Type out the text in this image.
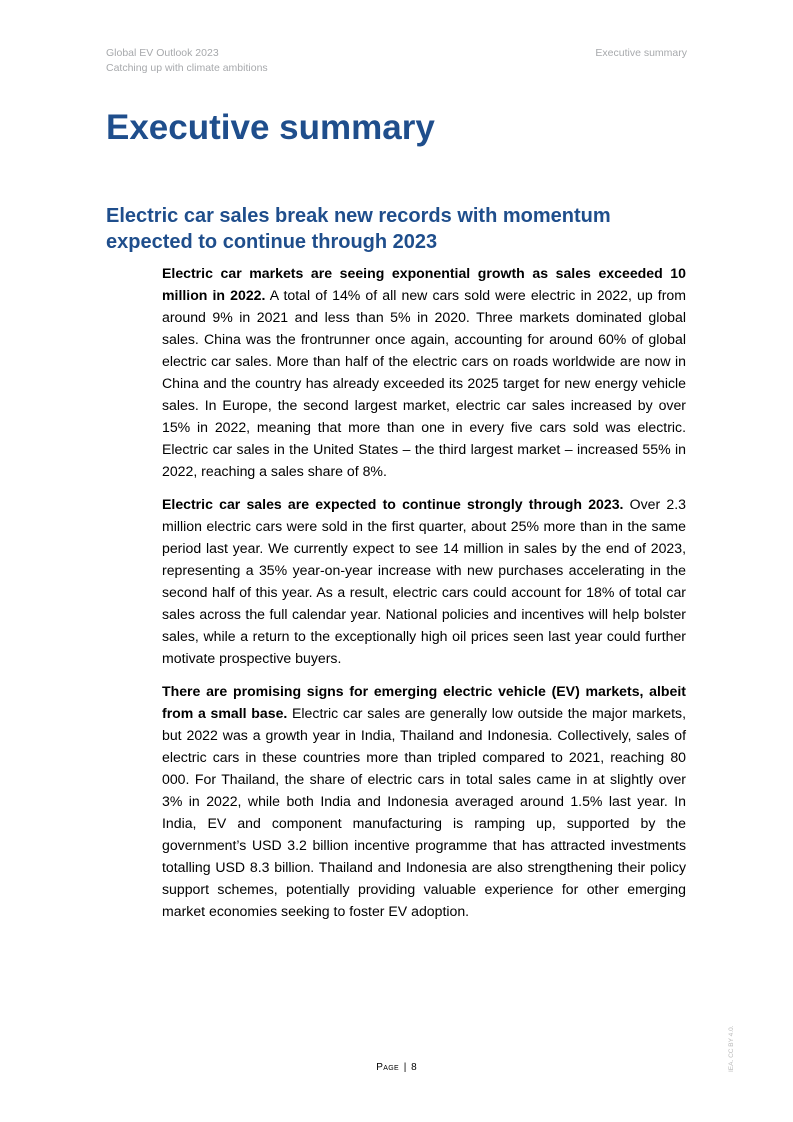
Global EV Outlook 2023
Catching up with climate ambitions
Executive summary
Executive summary
Electric car sales break new records with momentum expected to continue through 2023

Electric car markets are seeing exponential growth as sales exceeded 10 million in 2022. A total of 14% of all new cars sold were electric in 2022, up from around 9% in 2021 and less than 5% in 2020. Three markets dominated global sales. China was the frontrunner once again, accounting for around 60% of global electric car sales. More than half of the electric cars on roads worldwide are now in China and the country has already exceeded its 2025 target for new energy vehicle sales. In Europe, the second largest market, electric car sales increased by over 15% in 2022, meaning that more than one in every five cars sold was electric. Electric car sales in the United States – the third largest market – increased 55% in 2022, reaching a sales share of 8%.

Electric car sales are expected to continue strongly through 2023. Over 2.3 million electric cars were sold in the first quarter, about 25% more than in the same period last year. We currently expect to see 14 million in sales by the end of 2023, representing a 35% year-on-year increase with new purchases accelerating in the second half of this year. As a result, electric cars could account for 18% of total car sales across the full calendar year. National policies and incentives will help bolster sales, while a return to the exceptionally high oil prices seen last year could further motivate prospective buyers.

There are promising signs for emerging electric vehicle (EV) markets, albeit from a small base. Electric car sales are generally low outside the major markets, but 2022 was a growth year in India, Thailand and Indonesia. Collectively, sales of electric cars in these countries more than tripled compared to 2021, reaching 80 000. For Thailand, the share of electric cars in total sales came in at slightly over 3% in 2022, while both India and Indonesia averaged around 1.5% last year. In India, EV and component manufacturing is ramping up, supported by the government’s USD 3.2 billion incentive programme that has attracted investments totalling USD 8.3 billion. Thailand and Indonesia are also strengthening their policy support schemes, potentially providing valuable experience for other emerging market economies seeking to foster EV adoption.

Page | 8	IEA. CC BY 4.0.
